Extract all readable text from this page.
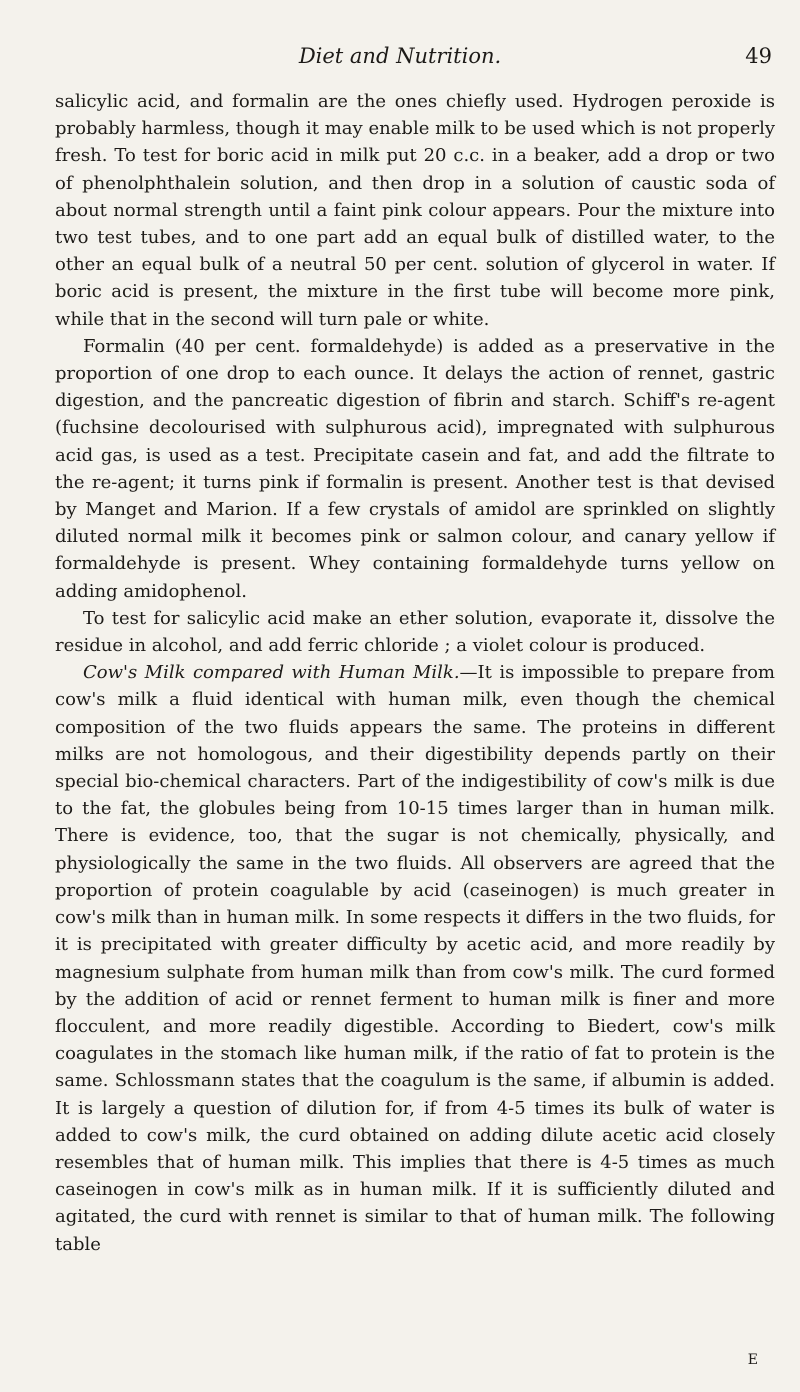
Diet and Nutrition.	49

salicylic acid, and formalin are the ones chiefly used. Hydrogen peroxide is probably harmless, though it may enable milk to be used which is not properly fresh. To test for boric acid in milk put 20 c.c. in a beaker, add a drop or two of phenolphthalein solution, and then drop in a solution of caustic soda of about normal strength until a faint pink colour appears. Pour the mixture into two test tubes, and to one part add an equal bulk of distilled water, to the other an equal bulk of a neutral 50 per cent. solution of glycerol in water. If boric acid is present, the mixture in the first tube will become more pink, while that in the second will turn pale or white.

Formalin (40 per cent. formaldehyde) is added as a preservative in the proportion of one drop to each ounce. It delays the action of rennet, gastric digestion, and the pancreatic digestion of fibrin and starch. Schiff's re-agent (fuchsine decolourised with sulphurous acid), impregnated with sulphurous acid gas, is used as a test. Precipitate casein and fat, and add the filtrate to the re-agent; it turns pink if formalin is present. Another test is that devised by Manget and Marion. If a few crystals of amidol are sprinkled on slightly diluted normal milk it becomes pink or salmon colour, and canary yellow if formaldehyde is present. Whey containing formaldehyde turns yellow on adding amidophenol.

To test for salicylic acid make an ether solution, evaporate it, dissolve the residue in alcohol, and add ferric chloride ; a violet colour is produced.

Cow's Milk compared with Human Milk.—It is impossible to prepare from cow's milk a fluid identical with human milk, even though the chemical composition of the two fluids appears the same. The proteins in different milks are not homologous, and their digestibility depends partly on their special bio-chemical characters. Part of the indigestibility of cow's milk is due to the fat, the globules being from 10-15 times larger than in human milk. There is evidence, too, that the sugar is not chemically, physically, and physiologically the same in the two fluids. All observers are agreed that the proportion of protein coagulable by acid (caseinogen) is much greater in cow's milk than in human milk. In some respects it differs in the two fluids, for it is precipitated with greater difficulty by acetic acid, and more readily by magnesium sulphate from human milk than from cow's milk. The curd formed by the addition of acid or rennet ferment to human milk is finer and more flocculent, and more readily digestible. According to Biedert, cow's milk coagulates in the stomach like human milk, if the ratio of fat to protein is the same. Schlossmann states that the coagulum is the same, if albumin is added. It is largely a question of dilution for, if from 4-5 times its bulk of water is added to cow's milk, the curd obtained on adding dilute acetic acid closely resembles that of human milk. This implies that there is 4-5 times as much caseinogen in cow's milk as in human milk. If it is sufficiently diluted and agitated, the curd with rennet is similar to that of human milk. The following table

E
